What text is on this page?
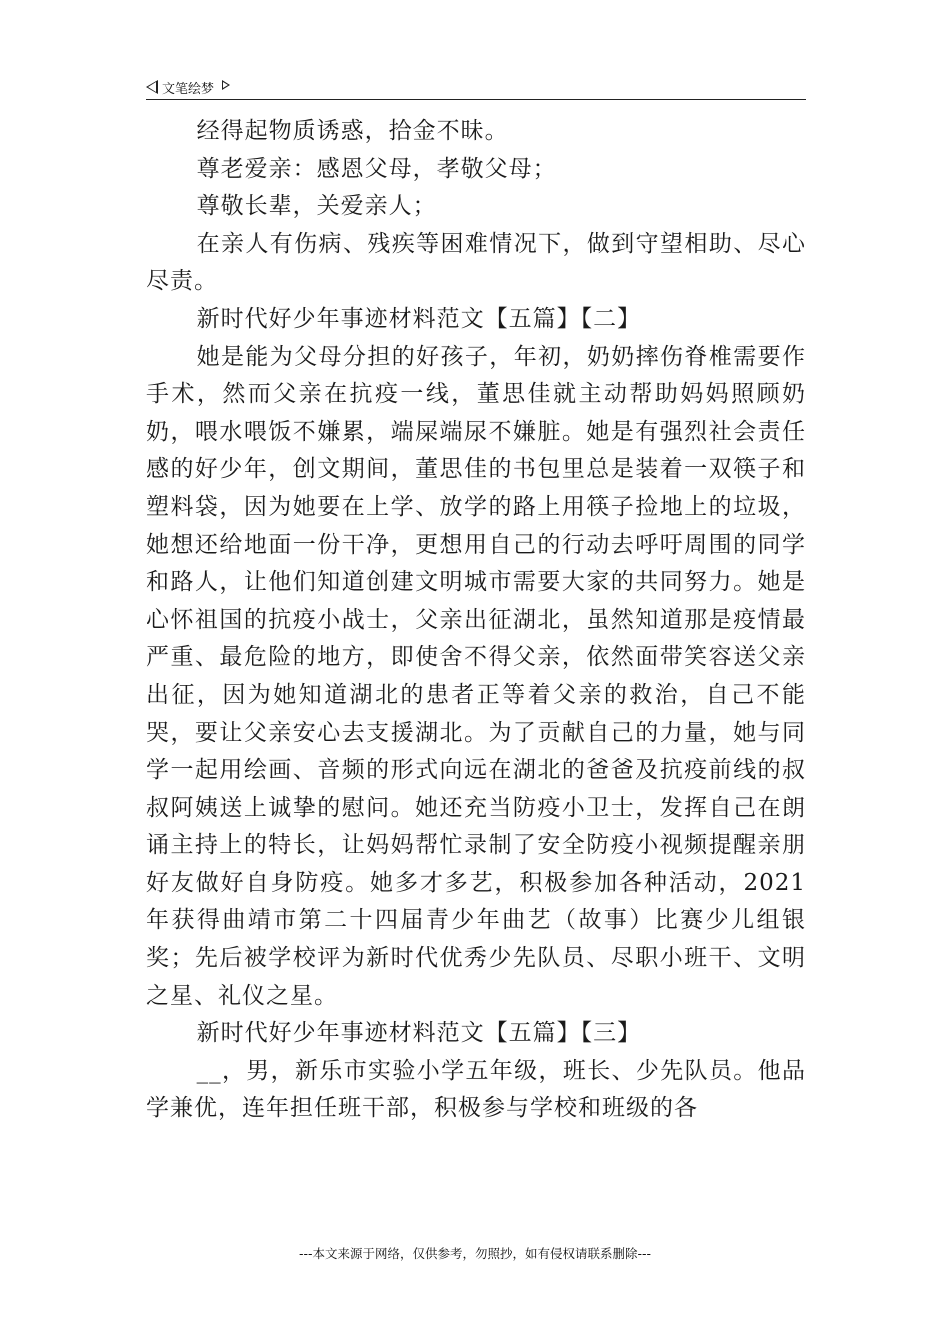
文笔绘梦

经得起物质诱惑，拾金不昧。

尊老爱亲：感恩父母，孝敬父母；

尊敬长辈，关爱亲人；

在亲人有伤病、残疾等困难情况下，做到守望相助、尽心尽责。

新时代好少年事迹材料范文【五篇】【二】

她是能为父母分担的好孩子，年初，奶奶摔伤脊椎需要作手术，然而父亲在抗疫一线，董思佳就主动帮助妈妈照顾奶奶，喂水喂饭不嫌累，端屎端尿不嫌脏。她是有强烈社会责任感的好少年，创文期间，董思佳的书包里总是装着一双筷子和塑料袋，因为她要在上学、放学的路上用筷子捡地上的垃圾，她想还给地面一份干净，更想用自己的行动去呼吁周围的同学和路人，让他们知道创建文明城市需要大家的共同努力。她是心怀祖国的抗疫小战士，父亲出征湖北，虽然知道那是疫情最严重、最危险的地方，即使舍不得父亲，依然面带笑容送父亲出征，因为她知道湖北的患者正等着父亲的救治，自己不能哭，要让父亲安心去支援湖北。为了贡献自己的力量，她与同学一起用绘画、音频的形式向远在湖北的爸爸及抗疫前线的叔叔阿姨送上诚挚的慰问。她还充当防疫小卫士，发挥自己在朗诵主持上的特长，让妈妈帮忙录制了安全防疫小视频提醒亲朋好友做好自身防疫。她多才多艺，积极参加各种活动，2021 年获得曲靖市第二十四届青少年曲艺（故事）比赛少儿组银奖；先后被学校评为新时代优秀少先队员、尽职小班干、文明之星、礼仪之星。

新时代好少年事迹材料范文【五篇】【三】

__，男，新乐市实验小学五年级，班长、少先队员。他品学兼优，连年担任班干部，积极参与学校和班级的各

---本文来源于网络，仅供参考，勿照抄，如有侵权请联系删除---
